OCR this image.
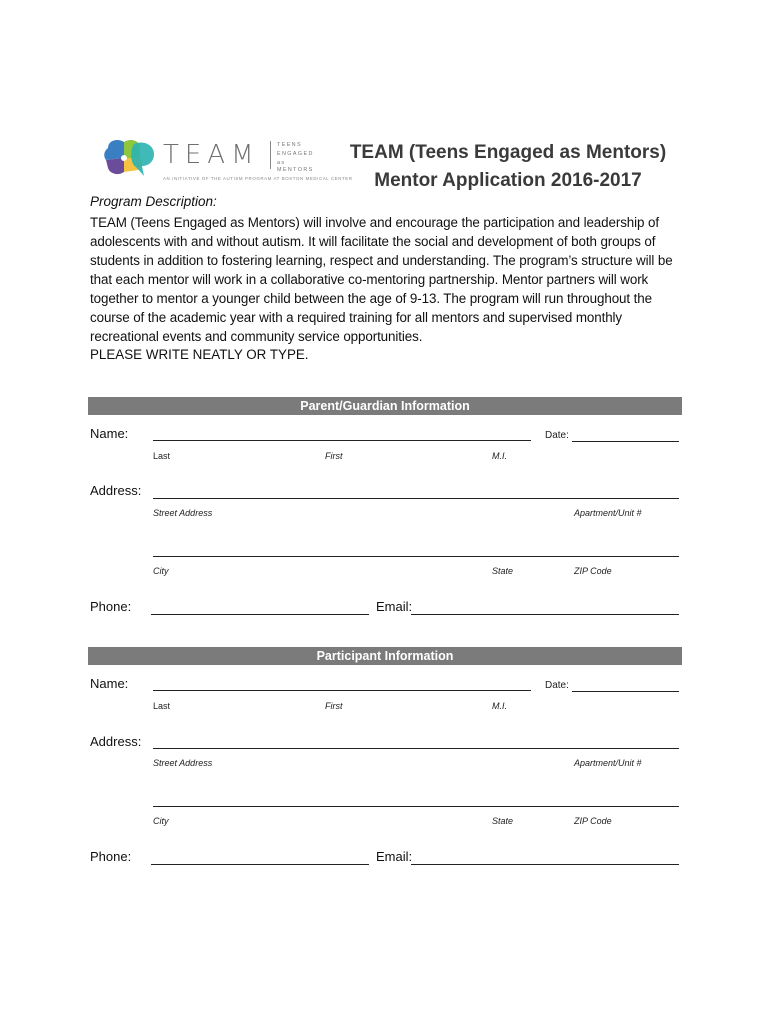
TEAM	TEENS
ENGAGED
as MENTORS
AN INITIATIVE OF THE AUTISM PROGRAM AT BOSTON MEDICAL CENTER
TEAM (Teens Engaged as Mentors)
Mentor Application 2016-2017
Program Description:
TEAM (Teens Engaged as Mentors) will involve and encourage the participation and leadership of adolescents with and without autism. It will facilitate the social and development of both groups of students in addition to fostering learning, respect and understanding. The program’s structure will be that each mentor will work in a collaborative co-mentoring partnership. Mentor partners will work together to mentor a younger child between the age of 9-13. The program will run throughout the course of the academic year with a required training for all mentors and supervised monthly recreational events and community service opportunities.
PLEASE WRITE NEATLY OR TYPE.
Parent/Guardian Information
Name:	Date:
Last	First	M.I.
Address:
Street Address	Apartment/Unit #
City	State	ZIP Code
Phone:	Email:
Participant Information
Name:	Date:
Last	First	M.I.
Address:
Street Address	Apartment/Unit #
City	State	ZIP Code
Phone:	Email:
